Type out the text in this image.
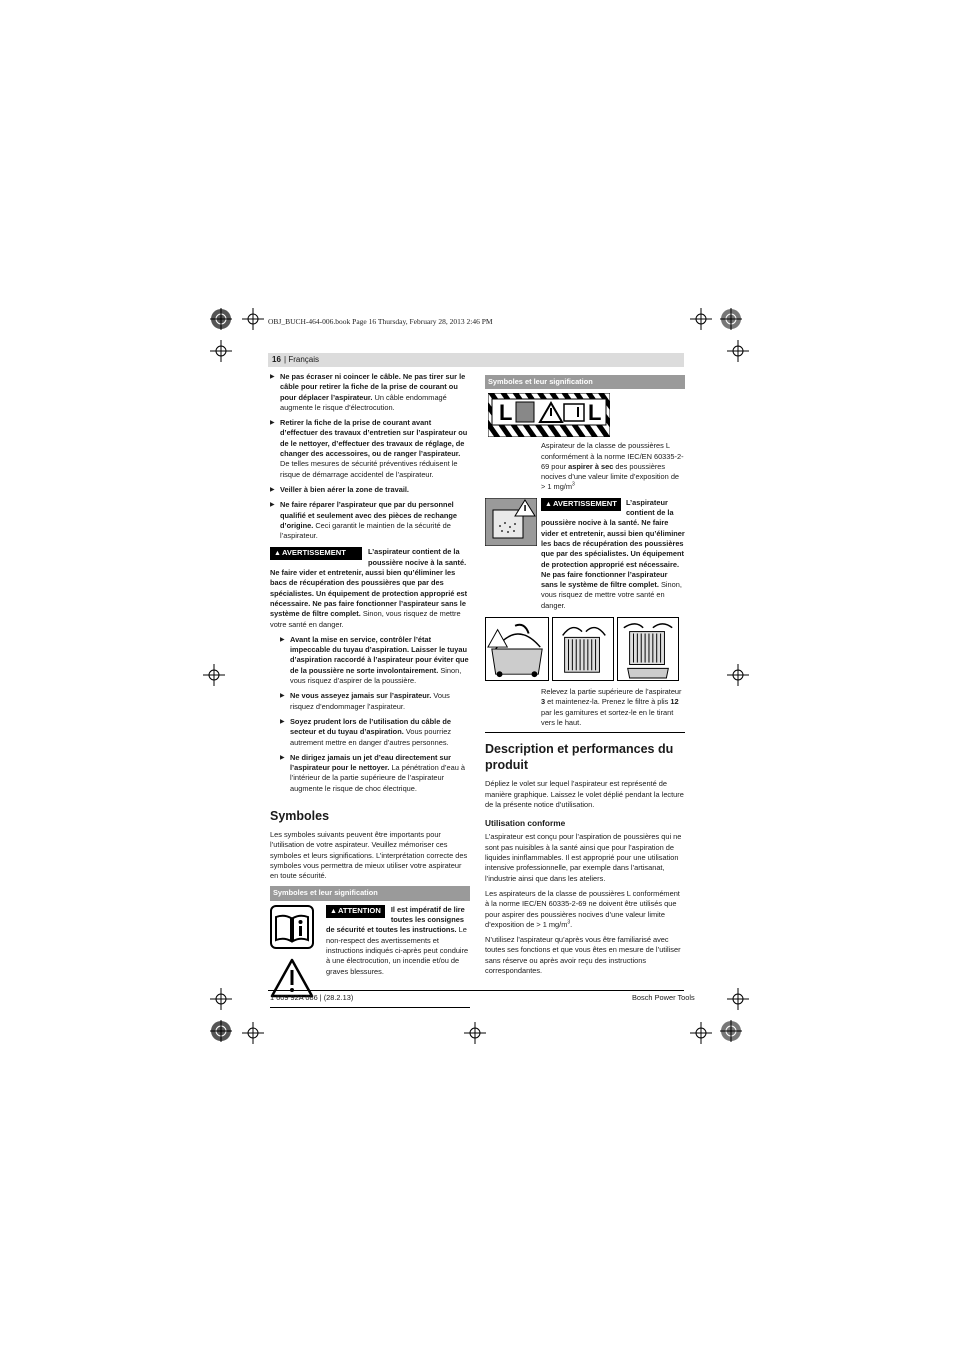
OBJ_BUCH-464-006.book Page 16 Thursday, February 28, 2013 2:46 PM
16 | Français
▶ Ne pas écraser ni coincer le câble. Ne pas tirer sur le câble pour retirer la fiche de la prise de courant ou pour déplacer l’aspirateur. Un câble endommagé augmente le risque d’électrocution.
▶ Retirer la fiche de la prise de courant avant d’effectuer des travaux d’entretien sur l’aspirateur ou de le nettoyer, d’effectuer des travaux de réglage, de changer des accessoires, ou de ranger l’aspirateur. De telles mesures de sécurité préventives réduisent le risque de démarrage accidentel de l’aspirateur.
▶ Veiller à bien aérer la zone de travail.
▶ Ne faire réparer l’aspirateur que par du personnel qualifié et seulement avec des pièces de rechange d’origine. Ceci garantit le maintien de la sécurité de l’aspirateur.

▲AVERTISSEMENT	L’aspirateur contient de la poussière nocive à la santé. Ne faire vider et entretenir, aussi bien qu’éliminer les bacs de récupération des poussières que par des spécialistes. Un équipement de protection approprié est nécessaire. Ne pas faire fonctionner l’aspirateur sans le système de filtre complet. Sinon, vous risquez de mettre votre santé en danger.

▶ Avant la mise en service, contrôler l’état impeccable du tuyau d’aspiration. Laisser le tuyau d’aspiration raccordé à l’aspirateur pour éviter que de la poussière ne sorte involontairement. Sinon, vous risquez d’aspirer de la poussière.
▶ Ne vous asseyez jamais sur l’aspirateur. Vous risquez d’endommager l’aspirateur.
▶ Soyez prudent lors de l’utilisation du câble de secteur et du tuyau d’aspiration. Vous pourriez autrement mettre en danger d’autres personnes.
▶ Ne dirigez jamais un jet d’eau directement sur l’aspirateur pour le nettoyer. La pénétration d’eau à l’intérieur de la partie supérieure de l’aspirateur augmente le risque de choc électrique.
Symboles

Les symboles suivants peuvent être importants pour l’utilisation de votre aspirateur. Veuillez mémoriser ces symboles et leurs significations. L’interprétation correcte des symboles vous permettra de mieux utiliser votre aspirateur en toute sécurité.

Symboles et leur signification

▲ATTENTION	Il est impératif de lire toutes les consignes de sécurité et toutes les instructions. Le non-respect des avertissements et instructions indiqués ci-après peut conduire à une électrocution, un incendie et/ou de graves blessures.

Symboles et leur signification
L	L

Aspirateur de la classe de poussières L conformément à la norme IEC/EN 60335-2-69 pour aspirer à sec des poussières nocives d’une valeur limite d’exposition de > 1 $mg/m^3$

▲AVERTISSEMENT	L’aspirateur contient de la poussière nocive à la santé. Ne faire vider et entretenir, aussi bien qu’éliminer les bacs de récupération des poussières que par des spécialistes. Un équipement de protection approprié est nécessaire. Ne pas faire fonctionner l’aspirateur sans le système de filtre complet. Sinon, vous risquez de mettre votre santé en danger.

Relevez la partie supérieure de l’aspirateur 3 et maintenez-la. Prenez le filtre à plis 12 par les garnitures et sortez-le en le tirant vers le haut.

Description et performances du produit

Dépliez le volet sur lequel l’aspirateur est représenté de manière graphique. Laissez le volet déplié pendant la lecture de la présente notice d’utilisation.

Utilisation conforme

L’aspirateur est conçu pour l’aspiration de poussières qui ne sont pas nuisibles à la santé ainsi que pour l’aspiration de liquides ininflammables. Il est approprié pour une utilisation intensive professionnelle, par exemple dans l’artisanat, l’industrie ainsi que dans les ateliers.

Les aspirateurs de la classe de poussières L conformément à la norme IEC/EN 60335-2-69 ne doivent être utilisés que pour aspirer des poussières nocives d’une valeur limite d’exposition de > 1 $mg/m^3$.

N’utilisez l’aspirateur qu’après vous être familiarisé avec toutes ses fonctions et que vous êtes en mesure de l’utiliser sans réserve ou après avoir reçu des instructions correspondantes.

1 609 92A 086 | (28.2.13)	Bosch Power Tools
